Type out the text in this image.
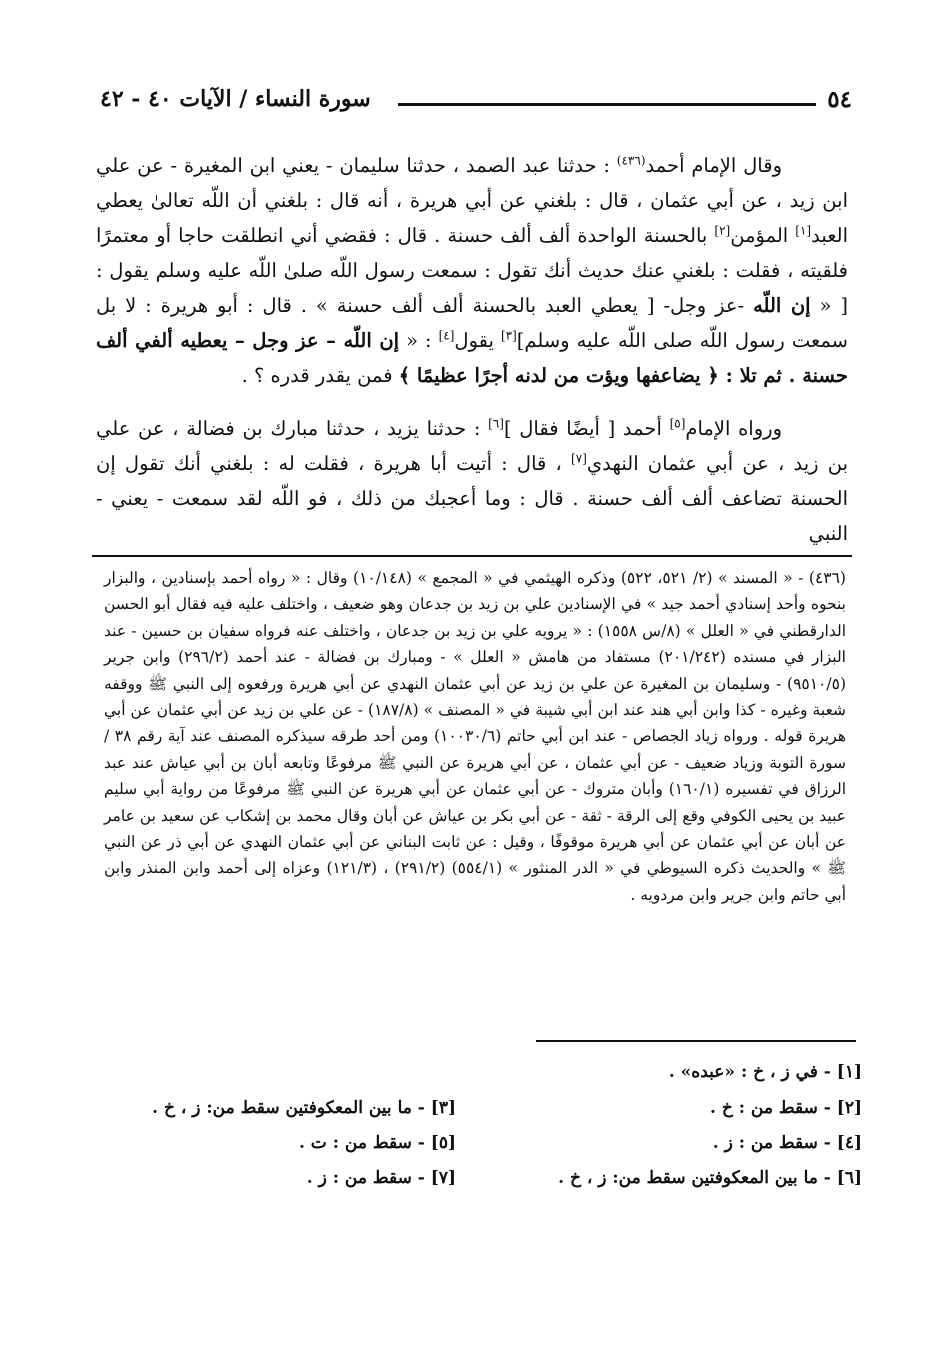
٥٤
سورة النساء / الآيات ٤٠ - ٤٢

وقال الإمام أحمد$^{(٤٣٦)}$ : حدثنا عبد الصمد ، حدثنا سليمان - يعني ابن المغيرة - عن علي ابن زيد ، عن أبي عثمان ، قال : بلغني عن أبي هريرة ، أنه قال : بلغني أن اللّه تعالىٰ يعطي العبد[١] المؤمن[٢] بالحسنة الواحدة ألف ألف حسنة . قال : فقضي أني انطلقت حاجا أو معتمرًا فلقيته ، فقلت : بلغني عنك حديث أنك تقول : سمعت رسول اللّه صلىٰ اللّه عليه وسلم يقول : [ « إن اللّه -عز وجل- [ يعطي العبد بالحسنة ألف ألف حسنة » . قال : أبو هريرة : لا بل سمعت رسول اللّه صلى اللّه عليه وسلم][٣] يقول[٤] : « إن اللّه – عز وجل – يعطيه ألفي ألف حسنة . ثم تلا : ﴿ يضاعفها ويؤت من لدنه أجرًا عظيمًا ﴾ فمن يقدر قدره ؟ .

ورواه الإمام[٥] أحمد [ أيضًا فقال ][٦] : حدثنا يزيد ، حدثنا مبارك بن فضالة ، عن علي بن زيد ، عن أبي عثمان النهدي[٧] ، قال : أتيت أبا هريرة ، فقلت له : بلغني أنك تقول إن الحسنة تضاعف ألف ألف حسنة . قال : وما أعجبك من ذلك ، فو اللّه لقد سمعت - يعني - النبي

(٤٣٦) - « المسند » (٢/ ٥٢١، ٥٢٢) وذكره الهيثمي في « المجمع » (١٠/١٤٨) وقال : « رواه أحمد بإسنادين ، والبزار بنحوه وأحد إسنادي أحمد جيد » في الإسنادين علي بن زيد بن جدعان وهو ضعيف ، واختلف عليه فيه فقال أبو الحسن الدارقطني في « العلل » (٨/س ١٥٥٨) : « يرويه علي بن زيد بن جدعان ، واختلف عنه فرواه سفيان بن حسين - عند البزار في مسنده (٢٠١/٢٤٢) مستفاد من هامش « العلل » - ومبارك بن فضالة - عند أحمد (٢٩٦/٢) وابن جرير (٩٥١٠/٥) - وسليمان بن المغيرة عن علي بن زيد عن أبي عثمان النهدي عن أبي هريرة ورفعوه إلى النبي ﷺ ووقفه شعبة وغيره - كذا وابن أبي هند عند ابن أبي شيبة في « المصنف » (١٨٧/٨) - عن علي بن زيد عن أبي عثمان عن أبي هريرة قوله . ورواه زياد الجصاص - عند ابن أبي حاتم (١٠٠٣٠/٦) ومن أحد طرقه سيذكره المصنف عند آية رقم ٣٨ / سورة التوبة وزياد ضعيف - عن أبي عثمان ، عن أبي هريرة عن النبي ﷺ مرفوعًا وتابعه أبان بن أبي عياش عند عبد الرزاق في تفسيره (١٦٠/١) وأبان متروك - عن أبي عثمان عن أبي هريرة عن النبي ﷺ مرفوعًا من رواية أبي سليم عبيد بن يحيى الكوفي وقع إلى الرقة - ثقة - عن أبي بكر بن عياش عن أبان وقال محمد بن إشكاب عن سعيد بن عامر عن أبان عن أبي عثمان عن أبي هريرة موقوفًا ، وقيل : عن ثابت البناني عن أبي عثمان النهدي عن أبي ذر عن النبي ﷺ » والحديث ذكره السيوطي في « الدر المنثور » (٥٥٤/١) (٢٩١/٢) ، (١٢١/٣) وعزاه إلى أحمد وابن المنذر وابن أبي حاتم وابن جرير وابن مردويه .

[١] - في ز ، خ : «عبده» .

[٢] - سقط من : خ .

[٣] - ما بين المعكوفتين سقط من: ز ، خ .

[٤] - سقط من : ز .

[٥] - سقط من : ت .

[٦] - ما بين المعكوفتين سقط من: ز ، خ .

[٧] - سقط من : ز .
